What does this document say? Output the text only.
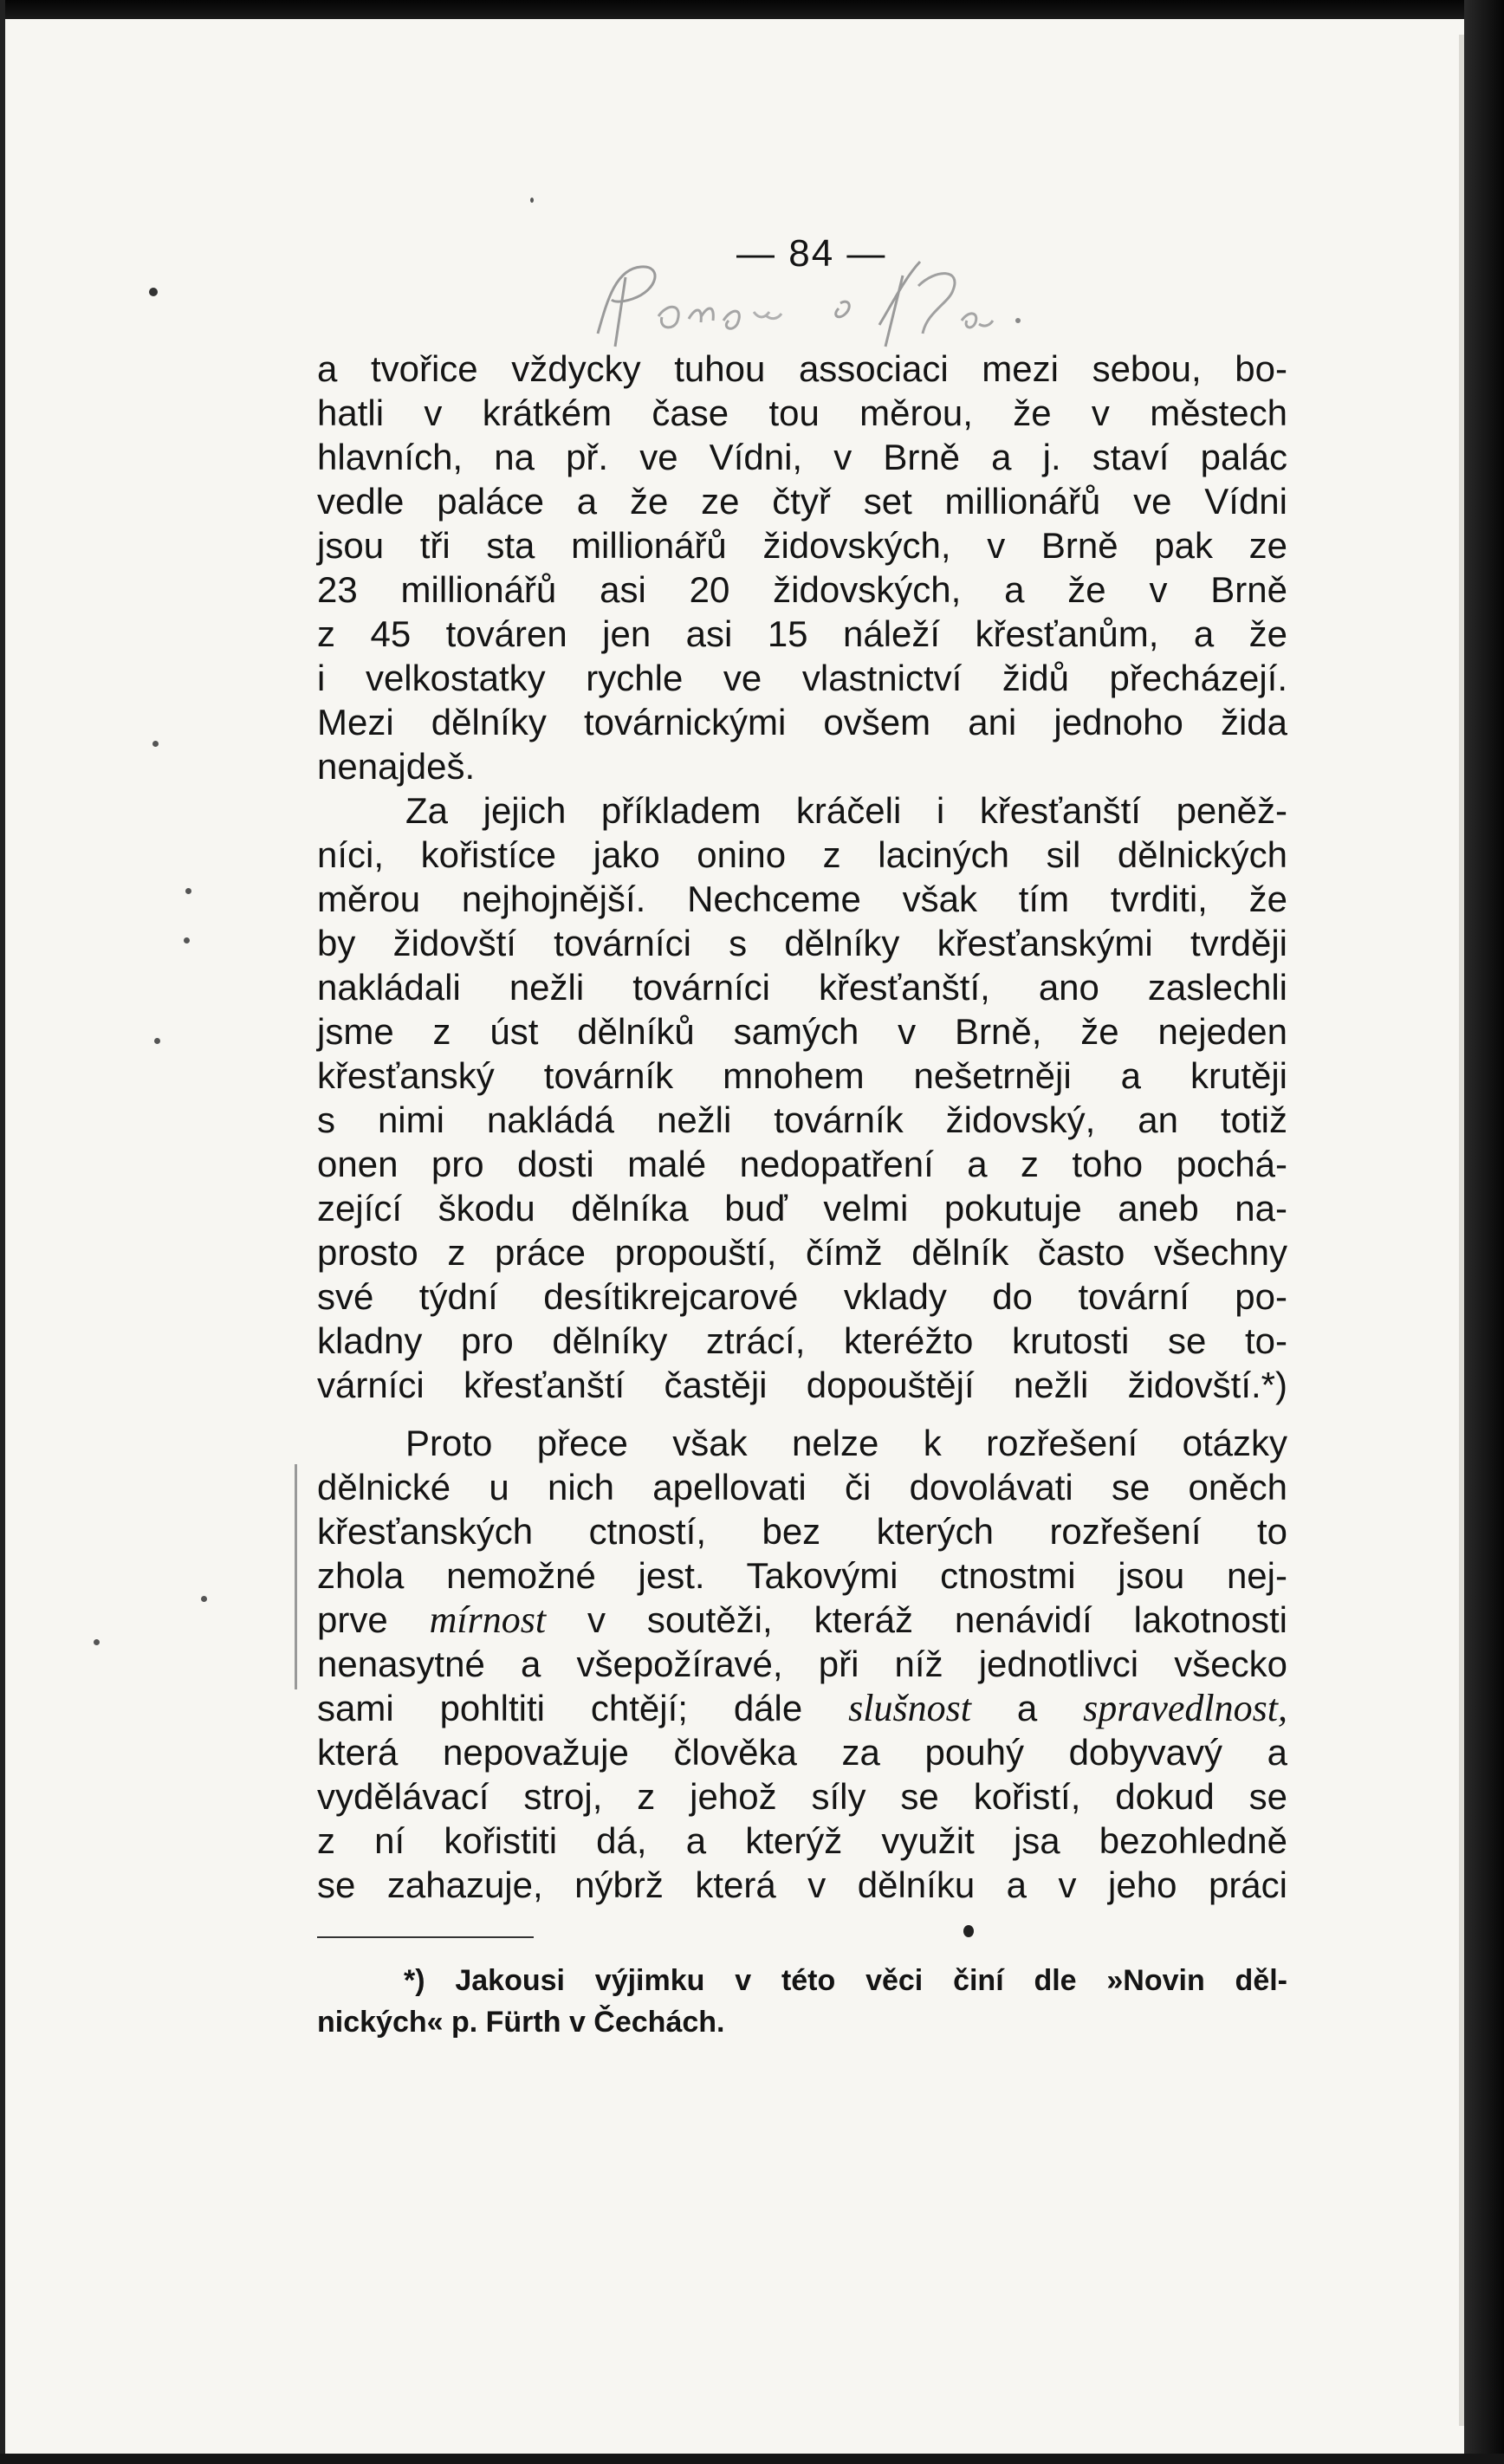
— 84 —

a tvořice vždycky tuhou associaci mezi sebou, bo-
hatli v krátkém čase tou měrou, že v městech
hlavních, na př. ve Vídni, v Brně a j. staví palác
vedle paláce a že ze čtyř set millionářů ve Vídni
jsou tři sta millionářů židovských, v Brně pak ze
23 millionářů asi 20 židovských, a že v Brně
z 45 továren jen asi 15 náleží křesťanům, a že
i velkostatky rychle ve vlastnictví židů přecházejí.
Mezi dělníky továrnickými ovšem ani jednoho žida
nenajdeš.

Za jejich příkladem kráčeli i křesťanští peněž-
níci, kořistíce jako onino z laciných sil dělnických
měrou nejhojnější. Nechceme však tím tvrditi, že
by židovští továrníci s dělníky křesťanskými tvrději
nakládali nežli továrníci křesťanští, ano zaslechli
jsme z úst dělníků samých v Brně, že nejeden
křesťanský továrník mnohem nešetrněji a krutěji
s nimi nakládá nežli továrník židovský, an totiž
onen pro dosti malé nedopatření a z toho pochá-
zející škodu dělníka buď velmi pokutuje aneb na-
prosto z práce propouští, čímž dělník často všechny
své týdní desítikrejcarové vklady do tovární po-
kladny pro dělníky ztrácí, kteréžto krutosti se to-
várníci křesťanští častěji dopouštějí nežli židovští.*)

Proto přece však nelze k rozřešení otázky
dělnické u nich apellovati či dovolávati se oněch
křesťanských ctností, bez kterých rozřešení to
zhola nemožné jest. Takovými ctnostmi jsou nej-
prve mírnost v soutěži, kteráž nenávidí lakotnosti
nenasytné a všepožíravé, při níž jednotlivci všecko
sami pohltiti chtějí; dále slušnost a spravedlnost,
která nepovažuje člověka za pouhý dobyvavý a
vydělávací stroj, z jehož síly se kořistí, dokud se
z ní kořistiti dá, a kterýž využit jsa bezohledně
se zahazuje, nýbrž která v dělníku a v jeho práci

*) Jakousi výjimku v této věci činí dle »Novin děl-
nických« p. Fürth v Čechách.
